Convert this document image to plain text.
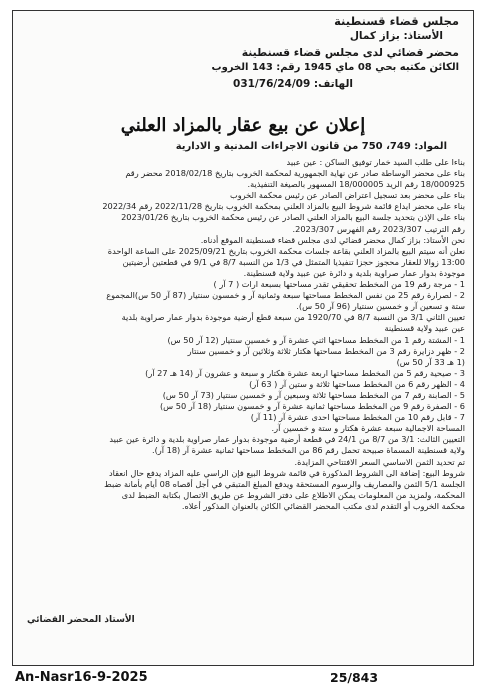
مجلس قضاء قسنطينة
الأستاذ: بزاز كمال
محضر قضائي لدى مجلس قضاء قسنطينة
الكائن مكتبه بحي 08 ماي 1945 رقم: 143 الخروب
الهاتف: 031/76/24/09
إعلان عن بيع عقار بالمزاد العلني
المواد: 749، 750 من قانون الاجراءات المدنية و الادارية
بناءا على طلب السيد خمار توفيق الساكن : عين عبيد
بناء على محضر الوساطة صادر عن نهاية الجمهورية لمحكمة الخروب بتاريخ 2018/02/18 محضر رقم
18/000925 رقم الريد 18/000005 المسهور بالصيغة التنفيذية.
بناء على محضر بعد تسجيل اعتراض الصادر عن رئيس محكمة الخروب
بناء على محضر ايداع قائمة شروط البيع بالمزاد العلني بمحكمة الخروب بتاريخ 2022/11/28 رقم 2022/34
بناء على الإذن بتحديد جلسة البيع بالمزاد العلني الصادر عن رئيس محكمة الخروب بتاريخ 2023/01/26
رقم الترتيب 2023/307 رقم الفهرس 2023/307.
نحن الأستاذ: بزاز كمال محضر قضائي لدى مجلس قضاء قسنطينة الموقع أدناه.
نعلن أنه سيتم البيع بالمزاد العلني بقاعة جلسات محكمة الخروب بتاريخ 2025/09/21 على الساعة الواحدة
13:00 زوالا للعقار محجوز حجزا تنفيذيا المتمثل في 1/3 من النسبة 8/7 في 9/1 في قطعتين أرضيتين
موجودة بدوار عمار صراوية بلدية و دائرة عين عبيد ولاية قسنطينة.
1 - مرجة رقم 19 من المخطط تحقيقي تقدر مساحتها بسبعة ارات ( 7 آر )
2 - لصرارة رقم 25 من نفس المخطط مساحتها سبعة وثمانية آر و خمسون سنتيار (87 آر 50 س)المجموع
ستة و تسعين آر و خمسين سنتيار (96 آر 50 س).
تعيين الثاني 3/1 من النسبة 8/7 في 1920/70 من سبعة قطع أرضية موجودة بدوار عمار صراوية بلدية
عين عبيد ولاية قسنطينة
1 - المشتة رقم 1 من المخطط مساحتها اثني عشرة آر و خمسين سنتيار (12 آر 50 س)
2 - ظهر دزايرة رقم 3 من المخطط مساحتها هكتار ثلاثة وثلاثين آر و خمسين سنتار
(1 هـ 33 آر 50 س)
3 - صيحية رقم 5 من المخطط مساحتها اربعة عشرة هكتار و سبعة و عشرون آر (14 هـ 27 آر)
4 - الظهر رقم 6 من المخطط مساحتها ثلاثة و ستين آر ( 63 آر)
5 - الصابنة رقم 7 من المخطط مساحتها ثلاثة وسبعين آر و خمسين سنتيار (73 آر 50 س)
6 - الصفرة رقم 9 من المخطط مساحتها ثمانية عشرة آر و خمسون سنتيار (18 آر 50 س)
7 - قابل رقم 10 من المخطط مساحتها احدى عشرة آر (11 آر)
المساحة الاجمالية سبعة عشرة هكتار و ستة و خمسين آر.
التعيين الثالث: 3/1 من 8/7 من 24/1 في قطعة أرضية موجودة بدوار عمار صراوية بلدية و دائرة عين عبيد
ولاية قسنطينة المسماة صبيحة تحمل رقم 86 من المخطط مساحتها ثمانية عشرة آر (18 آر).
تم تحديد الثمن الاساسي السعر الافتتاحي المزايدة.
شروط البيع: إضافة الى الشروط المذكورة في قائمة شروط البيع فإن الراسي عليه المزاد يدفع حال انعقاد
الجلسة 5/1 الثمن والمصاريف والرسوم المستحقة ويدفع المبلغ المتبقي في أجل أقصاه 08 أيام بأمانة ضبط
المحكمة، ولمزيد من المعلومات يمكن الاطلاع على دفتر الشروط عن طريق الاتصال بكتابة الضبط لدى
محكمة الخروب أو التقدم لدى مكتب المحضر القضائي الكائن بالعنوان المذكور أعلاه.
الأستاذ المحضر القضائي
An-Nasr16-9-2025	25/843
